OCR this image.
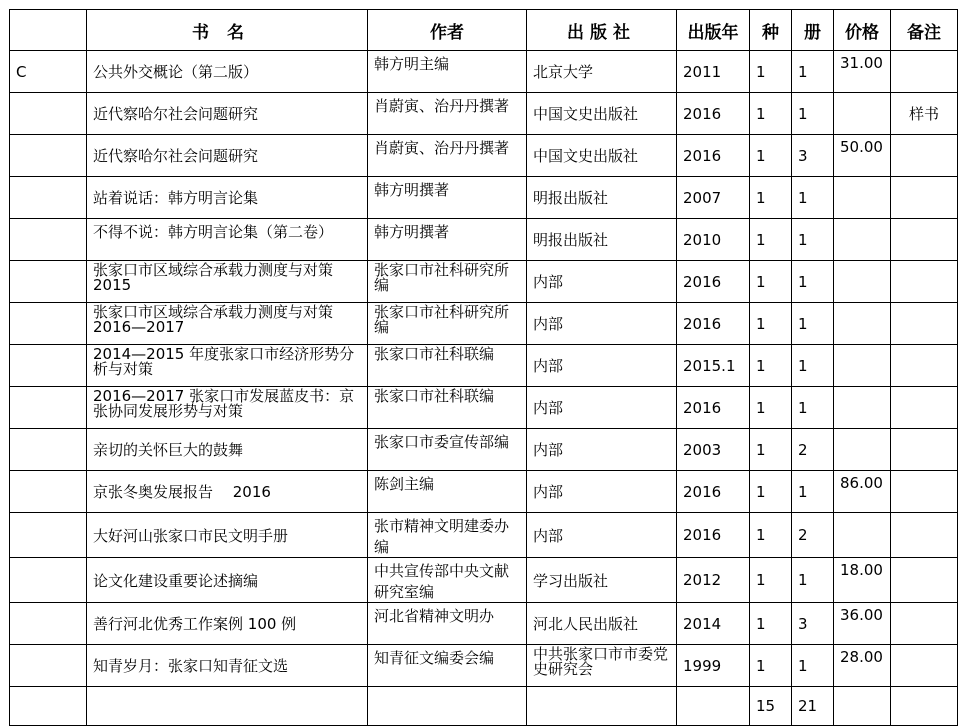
	书名	作者	出版社	出版年	种	册	价格	备注
C	公共外交概论（第二版）	韩方明主编	北京大学	2011	1	1	31.00	
	近代察哈尔社会问题研究	肖蔚寅、治丹丹撰著	中国文史出版社	2016	1	1		样书
	近代察哈尔社会问题研究	肖蔚寅、治丹丹撰著	中国文史出版社	2016	1	3	50.00	
	站着说话：韩方明言论集	韩方明撰著	明报出版社	2007	1	1		
	不得不说：韩方明言论集（第二卷）	韩方明撰著	明报出版社	2010	1	1		
	张家口市区域综合承载力测度与对策 2015	张家口市社科研究所编	内部	2016	1	1		
	张家口市区域综合承载力测度与对策 2016—2017	张家口市社科研究所编	内部	2016	1	1		
	2014—2015 年度张家口市经济形势分析与对策	张家口市社科联编	内部	2015.1	1	1		
	2016—2017 张家口市发展蓝皮书：京张协同发展形势与对策	张家口市社科联编	内部	2016	1	1		
	亲切的关怀巨大的鼓舞	张家口市委宣传部编	内部	2003	1	2		
	京张冬奥发展报告　 2016	陈剑主编	内部	2016	1	1	86.00	
	大好河山张家口市民文明手册	张市精神文明建委办编	内部	2016	1	2		
	论文化建设重要论述摘编	中共宣传部中央文献研究室编	学习出版社	2012	1	1	18.00	
	善行河北优秀工作案例 100 例	河北省精神文明办	河北人民出版社	2014	1	3	36.00	
	知青岁月：张家口知青征文选	知青征文编委会编	中共张家口市市委党史研究会	1999	1	1	28.00	
					15	21		
